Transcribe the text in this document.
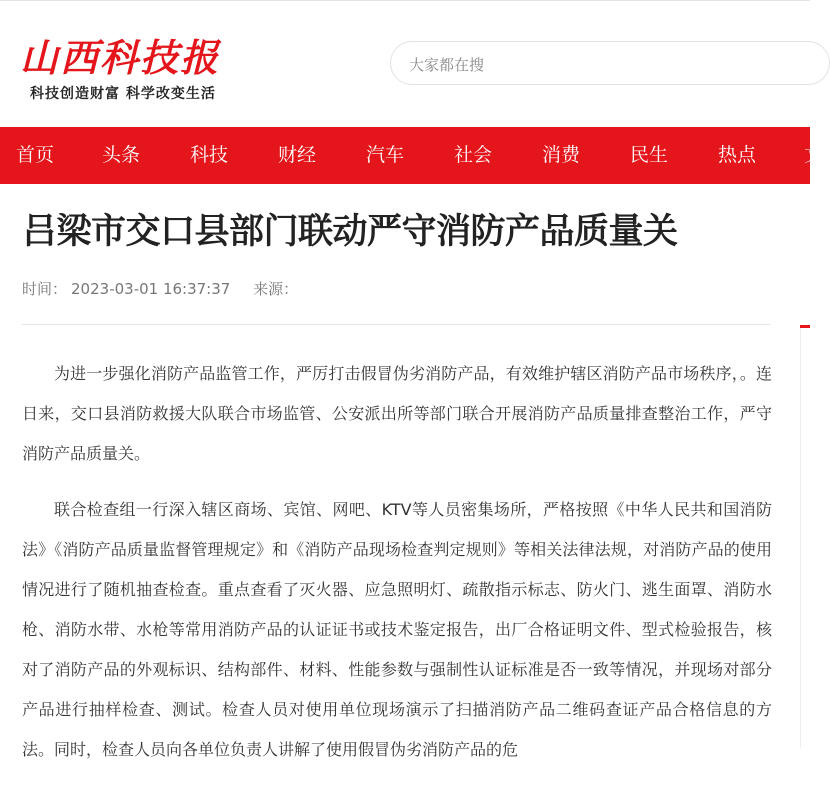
山西科技报
科技创造财富 科学改变生活
大家都在搜
首页	头条	科技	财经	汽车	社会	消费	民生	热点	文
吕梁市交口县部门联动严守消防产品质量关
时间： 2023-03-01 16:37:37 来源：

为进一步强化消防产品监管工作，严厉打击假冒伪劣消防产品，有效维护辖区消防产品市场秩序，。连日来，交口县消防救援大队联合市场监管、公安派出所等部门联合开展消防产品质量排查整治工作，严守消防产品质量关。

联合检查组一行深入辖区商场、宾馆、网吧、KTV等人员密集场所，严格按照《中华人民共和国消防法》《消防产品质量监督管理规定》和《消防产品现场检查判定规则》等相关法律法规，对消防产品的使用情况进行了随机抽查检查。重点查看了灭火器、应急照明灯、疏散指示标志、防火门、逃生面罩、消防水枪、消防水带、水枪等常用消防产品的认证证书或技术鉴定报告，出厂合格证明文件、型式检验报告，核对了消防产品的外观标识、结构部件、材料、性能参数与强制性认证标准是否一致等情况，并现场对部分产品进行抽样检查、测试。检查人员对使用单位现场演示了扫描消防产品二维码查证产品合格信息的方法。同时，检查人员向各单位负责人讲解了使用假冒伪劣消防产品的危
